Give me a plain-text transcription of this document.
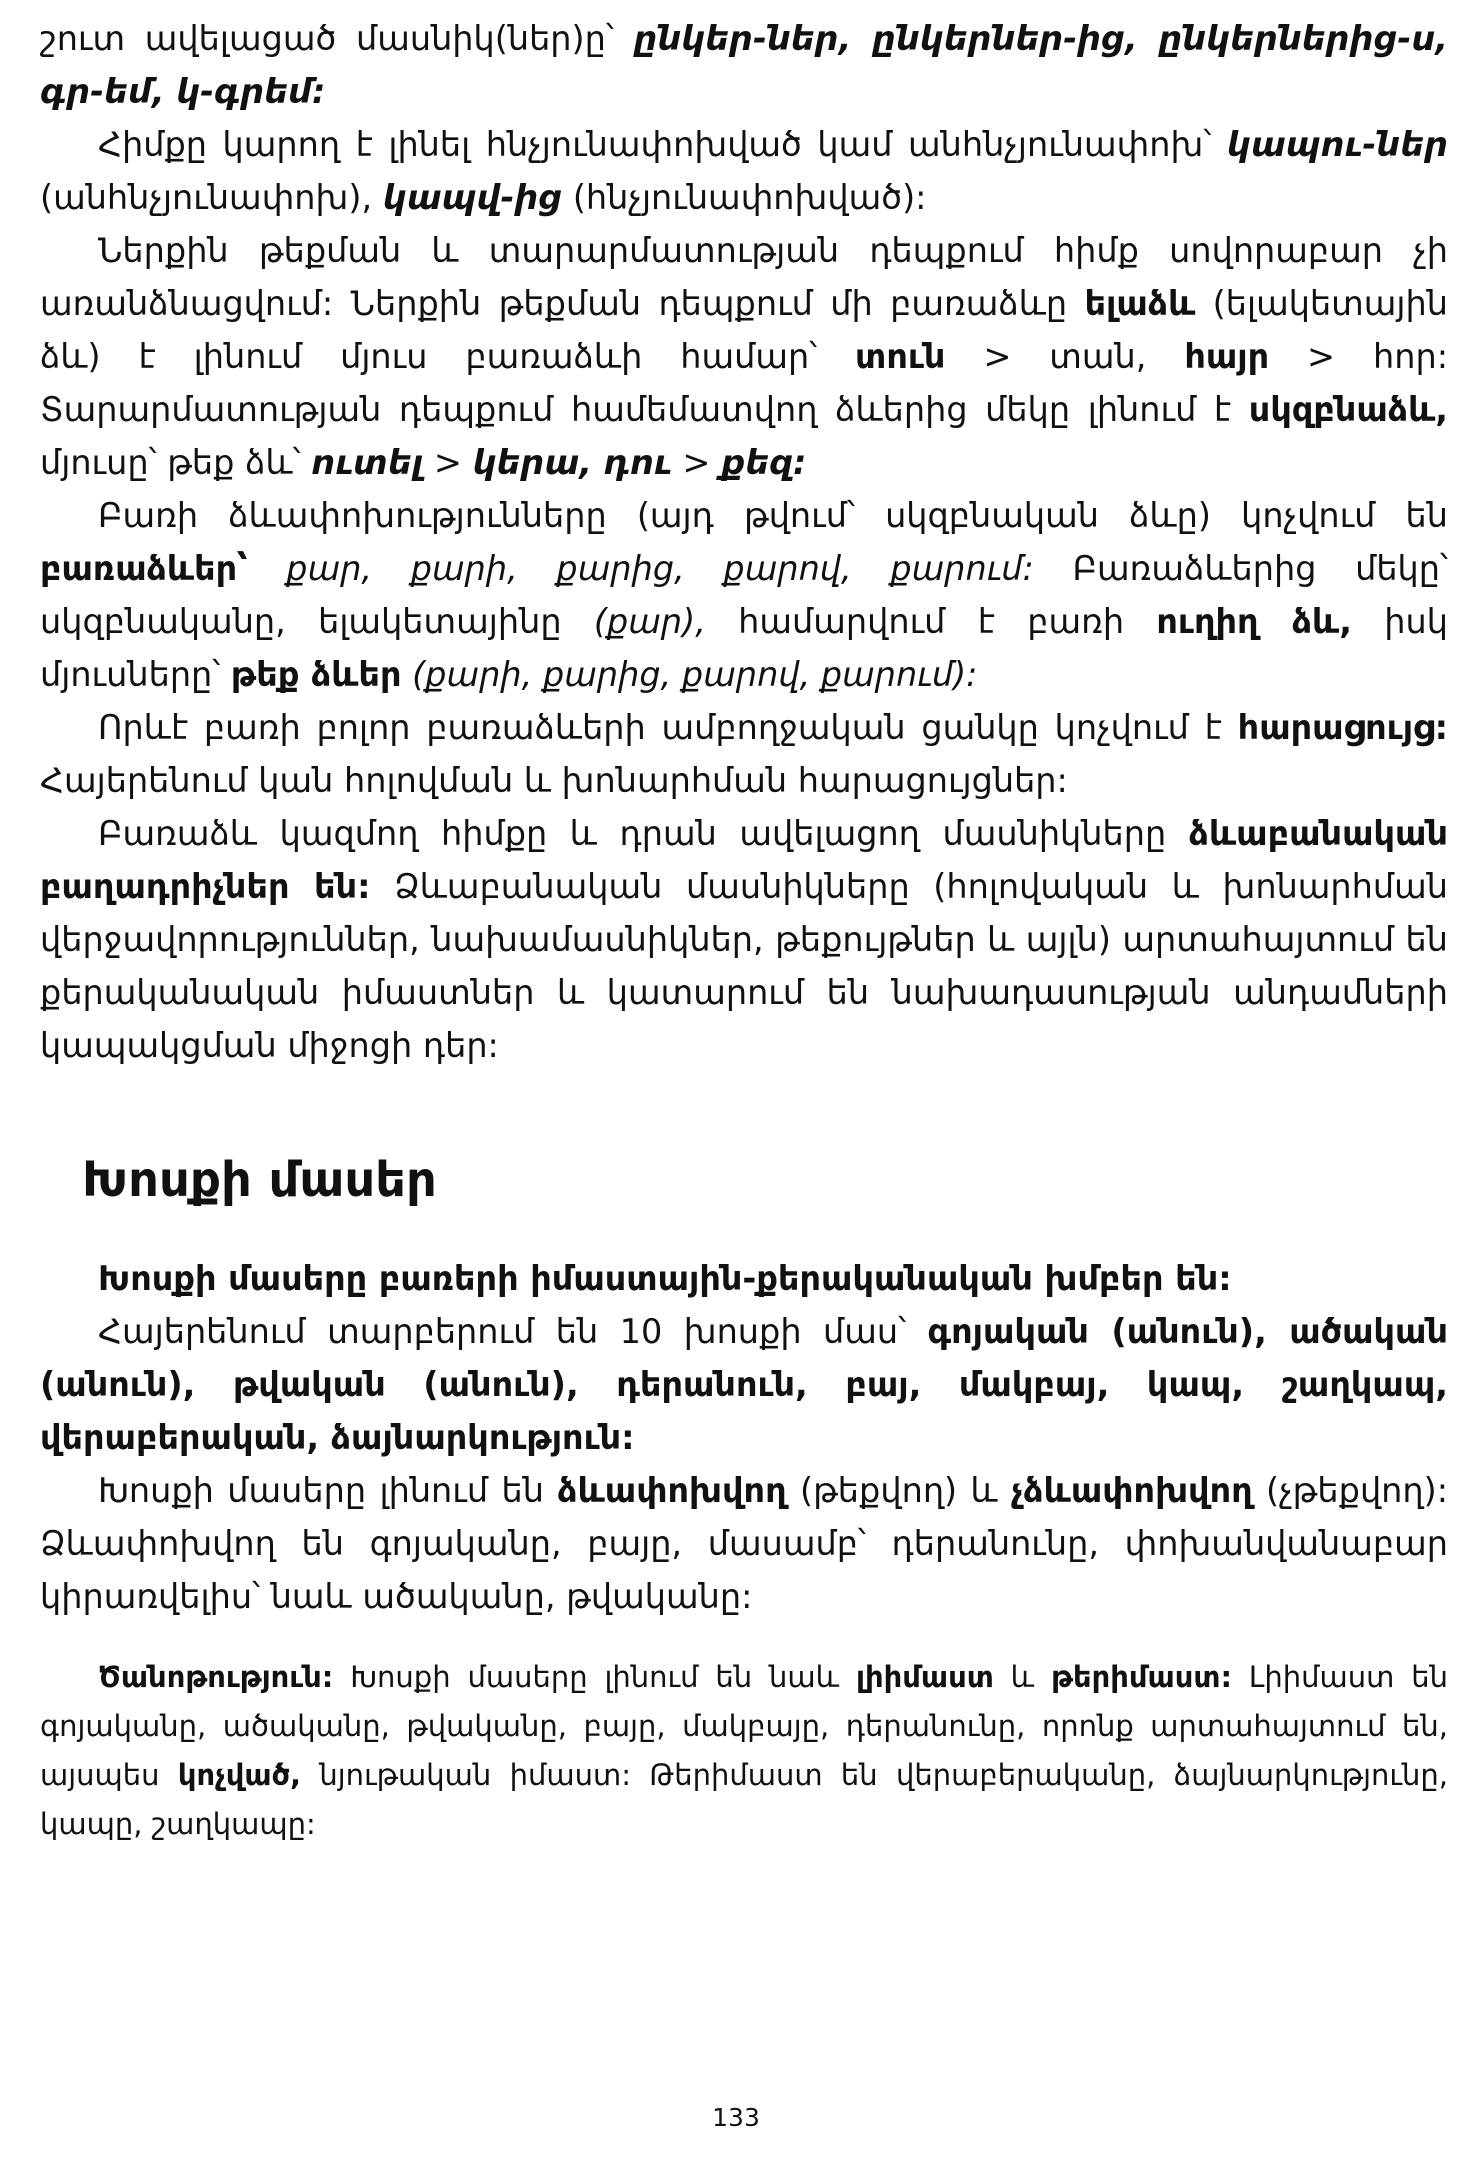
շուտ ավելացած մասնիկ(ներ)ը՝ ընկեր-ներ, ընկերներ-ից, ընկերներից-ս, գր-եմ, կ-գրեմ:

Հիմքը կարող է լինել հնչյունափոխված կամ անհնչյունափոխ՝ կապու-ներ (անհնչյունափոխ), կապվ-ից (հնչյունափոխված):

Ներքին թեքման և տարարմատության դեպքում հիմք սովորաբար չի առանձնացվում: Ներքին թեքման դեպքում մի բառաձևը ելաձև (ելակետային ձև) է լինում մյուս բառաձևի համար՝ տուն > տան, հայր > հոր: Տարարմատության դեպքում համեմատվող ձևերից մեկը լինում է սկզբնաձև, մյուսը՝ թեք ձև՝ ուտել > կերա, դու > քեզ:

Բառի ձևափոխությունները (այդ թվում՝ սկզբնական ձևը) կոչվում են բառաձևեր՝ քար, քարի, քարից, քարով, քարում: Բառաձևերից մեկը՝ սկզբնականը, ելակետայինը (քար), համարվում է բառի ուղիղ ձև, իսկ մյուսները՝ թեք ձևեր (քարի, քարից, քարով, քարում):

Որևէ բառի բոլոր բառաձևերի ամբողջական ցանկը կոչվում է հարացույց: Հայերենում կան հոլովման և խոնարհման հարացույցներ:

Բառաձև կազմող հիմքը և դրան ավելացող մասնիկները ձևաբանական բաղադրիչներ են: Ձևաբանական մասնիկները (հոլովական և խոնարհման վերջավորություններ, նախամասնիկներ, թեքույթներ և այլն) արտահայտում են քերականական իմաստներ և կատարում են նախադասության անդամների կապակցման միջոցի դեր:

Խոսքի մասեր

Խոսքի մասերը բառերի իմաստային-քերականական խմբեր են:

Հայերենում տարբերում են 10 խոսքի մաս՝ գոյական (անուն), ածական (անուն), թվական (անուն), դերանուն, բայ, մակբայ, կապ, շաղկապ, վերաբերական, ձայնարկություն:

Խոսքի մասերը լինում են ձևափոխվող (թեքվող) և չձևափոխվող (չթեքվող): Ձևափոխվող են գոյականը, բայը, մասամբ՝ դերանունը, փոխանվանաբար կիրառվելիս՝ նաև ածականը, թվականը:

Ծանոթություն: Խոսքի մասերը լինում են նաև լիիմաստ և թերիմաստ: Լիիմաստ են գոյականը, ածականը, թվականը, բայը, մակբայը, դերանունը, որոնք արտահայտում են, այսպես կոչված, նյութական իմաստ: Թերիմաստ են վերաբերականը, ձայնարկությունը, կապը, շաղկապը:

133
